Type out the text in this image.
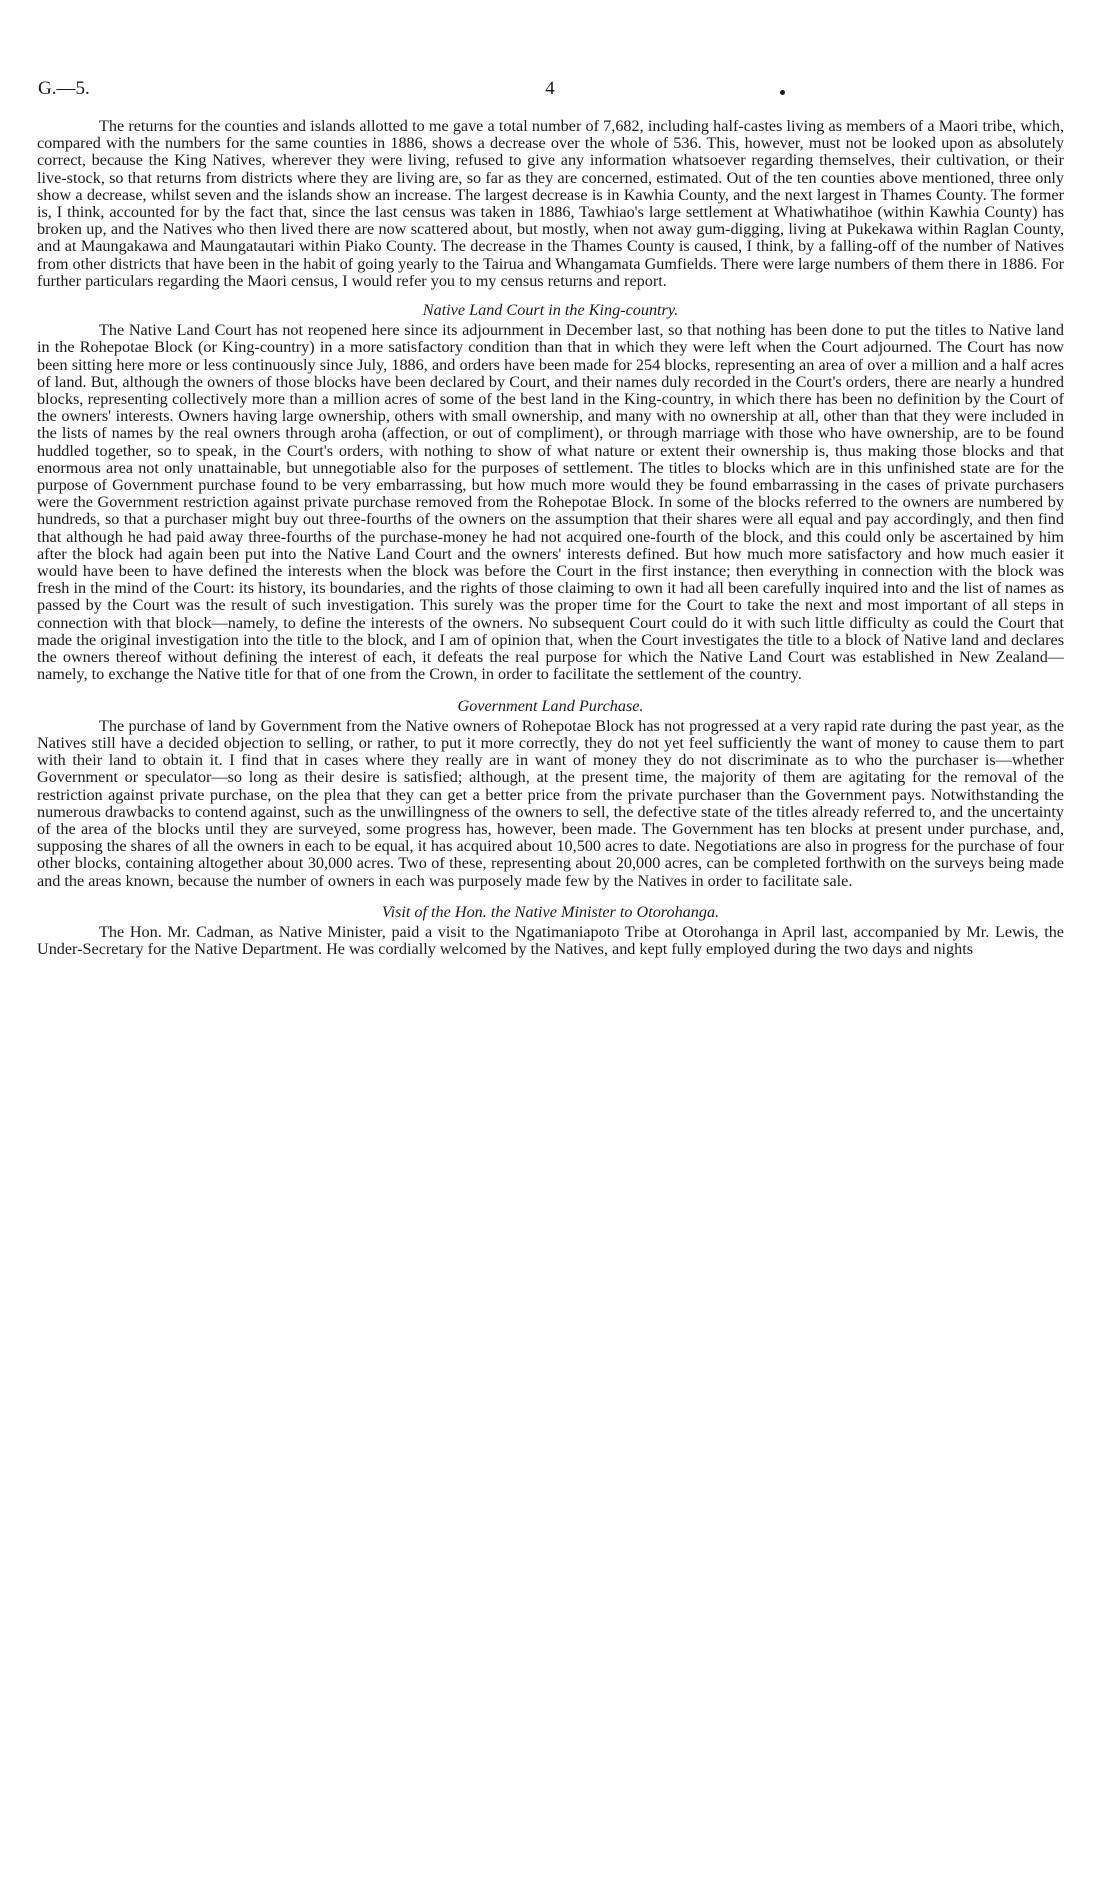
G.—5.	4

The returns for the counties and islands allotted to me gave a total number of 7,682, including half-castes living as members of a Maori tribe, which, compared with the numbers for the same counties in 1886, shows a decrease over the whole of 536. This, however, must not be looked upon as absolutely correct, because the King Natives, wherever they were living, refused to give any information whatsoever regarding themselves, their cultivation, or their live-stock, so that returns from districts where they are living are, so far as they are concerned, estimated. Out of the ten counties above mentioned, three only show a decrease, whilst seven and the islands show an increase. The largest decrease is in Kawhia County, and the next largest in Thames County. The former is, I think, accounted for by the fact that, since the last census was taken in 1886, Tawhiao's large settlement at Whatiwhatihoe (within Kawhia County) has broken up, and the Natives who then lived there are now scattered about, but mostly, when not away gum-digging, living at Pukekawa within Raglan County, and at Maungakawa and Maungatautari within Piako County. The decrease in the Thames County is caused, I think, by a falling-off of the number of Natives from other districts that have been in the habit of going yearly to the Tairua and Whangamata Gumfields. There were large numbers of them there in 1886. For further particulars regarding the Maori census, I would refer you to my census returns and report.

Native Land Court in the King-country.

The Native Land Court has not reopened here since its adjournment in December last, so that nothing has been done to put the titles to Native land in the Rohepotae Block (or King-country) in a more satisfactory condition than that in which they were left when the Court adjourned. The Court has now been sitting here more or less continuously since July, 1886, and orders have been made for 254 blocks, representing an area of over a million and a half acres of land. But, although the owners of those blocks have been declared by Court, and their names duly recorded in the Court's orders, there are nearly a hundred blocks, representing collectively more than a million acres of some of the best land in the King-country, in which there has been no definition by the Court of the owners' interests. Owners having large ownership, others with small ownership, and many with no ownership at all, other than that they were included in the lists of names by the real owners through aroha (affection, or out of compliment), or through marriage with those who have ownership, are to be found huddled together, so to speak, in the Court's orders, with nothing to show of what nature or extent their ownership is, thus making those blocks and that enormous area not only unattainable, but unnegotiable also for the purposes of settlement. The titles to blocks which are in this unfinished state are for the purpose of Government purchase found to be very embarrassing, but how much more would they be found embarrassing in the cases of private purchasers were the Government restriction against private purchase removed from the Rohepotae Block. In some of the blocks referred to the owners are numbered by hundreds, so that a purchaser might buy out three-fourths of the owners on the assumption that their shares were all equal and pay accordingly, and then find that although he had paid away three-fourths of the purchase-money he had not acquired one-fourth of the block, and this could only be ascertained by him after the block had again been put into the Native Land Court and the owners' interests defined. But how much more satisfactory and how much easier it would have been to have defined the interests when the block was before the Court in the first instance; then everything in connection with the block was fresh in the mind of the Court: its history, its boundaries, and the rights of those claiming to own it had all been carefully inquired into and the list of names as passed by the Court was the result of such investigation. This surely was the proper time for the Court to take the next and most important of all steps in connection with that block—namely, to define the interests of the owners. No subsequent Court could do it with such little difficulty as could the Court that made the original investigation into the title to the block, and I am of opinion that, when the Court investigates the title to a block of Native land and declares the owners thereof without defining the interest of each, it defeats the real purpose for which the Native Land Court was established in New Zealand—namely, to exchange the Native title for that of one from the Crown, in order to facilitate the settlement of the country.

Government Land Purchase.

The purchase of land by Government from the Native owners of Rohepotae Block has not progressed at a very rapid rate during the past year, as the Natives still have a decided objection to selling, or rather, to put it more correctly, they do not yet feel sufficiently the want of money to cause them to part with their land to obtain it. I find that in cases where they really are in want of money they do not discriminate as to who the purchaser is—whether Government or speculator—so long as their desire is satisfied; although, at the present time, the majority of them are agitating for the removal of the restriction against private purchase, on the plea that they can get a better price from the private purchaser than the Government pays. Notwithstanding the numerous drawbacks to contend against, such as the unwillingness of the owners to sell, the defective state of the titles already referred to, and the uncertainty of the area of the blocks until they are surveyed, some progress has, however, been made. The Government has ten blocks at present under purchase, and, supposing the shares of all the owners in each to be equal, it has acquired about 10,500 acres to date. Negotiations are also in progress for the purchase of four other blocks, containing altogether about 30,000 acres. Two of these, representing about 20,000 acres, can be completed forthwith on the surveys being made and the areas known, because the number of owners in each was purposely made few by the Natives in order to facilitate sale.

Visit of the Hon. the Native Minister to Otorohanga.

The Hon. Mr. Cadman, as Native Minister, paid a visit to the Ngatimaniapoto Tribe at Otorohanga in April last, accompanied by Mr. Lewis, the Under-Secretary for the Native Department. He was cordially welcomed by the Natives, and kept fully employed during the two days and nights
